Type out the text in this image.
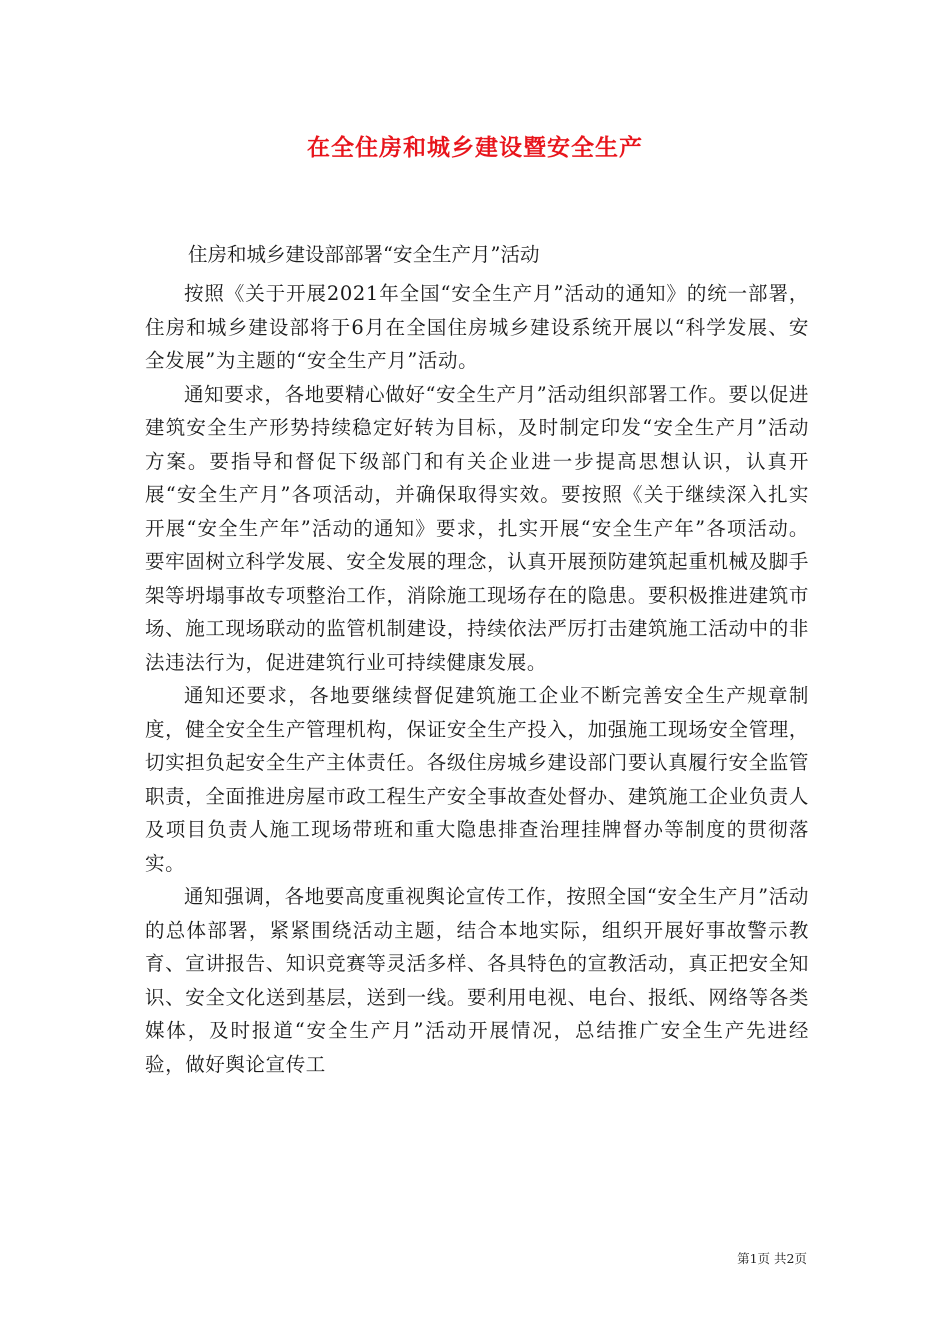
在全住房和城乡建设暨安全生产
住房和城乡建设部部署“安全生产月”活动

按照《关于开展2021年全国“安全生产月”活动的通知》的统一部署，住房和城乡建设部将于6月在全国住房城乡建设系统开展以“科学发展、安全发展”为主题的“安全生产月”活动。

通知要求，各地要精心做好“安全生产月”活动组织部署工作。要以促进建筑安全生产形势持续稳定好转为目标，及时制定印发“安全生产月”活动方案。要指导和督促下级部门和有关企业进一步提高思想认识，认真开展“安全生产月”各项活动，并确保取得实效。要按照《关于继续深入扎实开展“安全生产年”活动的通知》要求，扎实开展“安全生产年”各项活动。要牢固树立科学发展、安全发展的理念，认真开展预防建筑起重机械及脚手架等坍塌事故专项整治工作，消除施工现场存在的隐患。要积极推进建筑市场、施工现场联动的监管机制建设，持续依法严厉打击建筑施工活动中的非法违法行为，促进建筑行业可持续健康发展。

通知还要求，各地要继续督促建筑施工企业不断完善安全生产规章制度，健全安全生产管理机构，保证安全生产投入，加强施工现场安全管理，切实担负起安全生产主体责任。各级住房城乡建设部门要认真履行安全监管职责，全面推进房屋市政工程生产安全事故查处督办、建筑施工企业负责人及项目负责人施工现场带班和重大隐患排查治理挂牌督办等制度的贯彻落实。

通知强调，各地要高度重视舆论宣传工作，按照全国“安全生产月”活动的总体部署，紧紧围绕活动主题，结合本地实际，组织开展好事故警示教育、宣讲报告、知识竞赛等灵活多样、各具特色的宣教活动，真正把安全知识、安全文化送到基层，送到一线。要利用电视、电台、报纸、网络等各类媒体，及时报道“安全生产月”活动开展情况，总结推广安全生产先进经验，做好舆论宣传工

第1页 共2页
